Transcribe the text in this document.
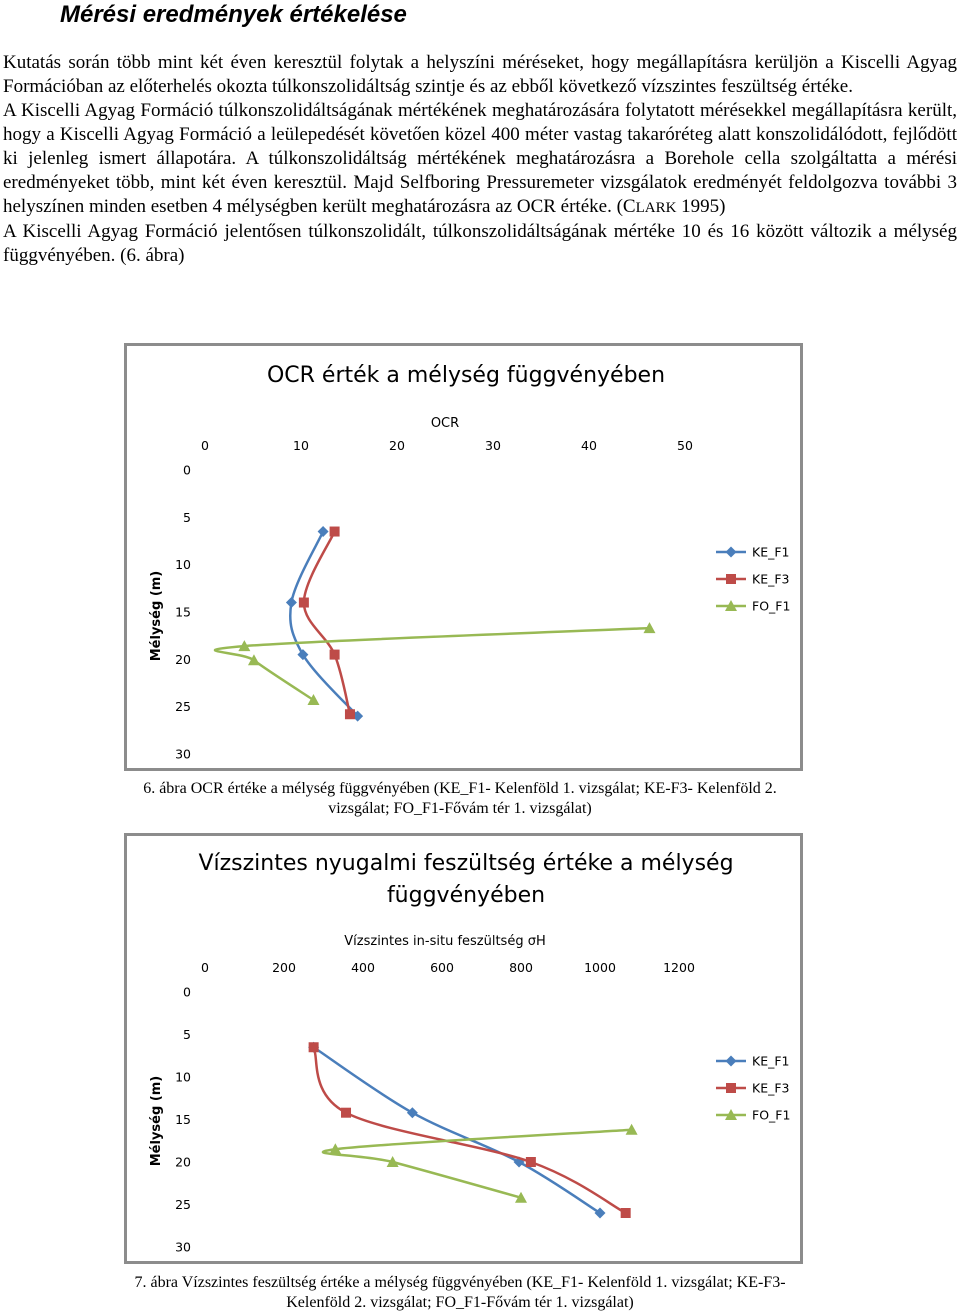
Mérési eredmények értékelése

Kutatás során több mint két éven keresztül folytak a helyszíni méréseket, hogy megállapításra kerüljön a Kiscelli Agyag Formációban az előterhelés okozta túlkonszolidáltság szintje és az ebből következő vízszintes feszültség értéke.

A Kiscelli Agyag Formáció túlkonszolidáltságának mértékének meghatározására folytatott mérésekkel megállapításra került, hogy a Kiscelli Agyag Formáció a leülepedését követően közel 400 méter vastag takaróréteg alatt konszolidálódott, fejlődött ki jelenleg ismert állapotára. A túlkonszolidáltság mértékének meghatározásra a Borehole cella szolgáltatta a mérési eredményeket több, mint két éven keresztül. Majd Selfboring Pressuremeter vizsgálatok eredményét feldolgozva további 3 helyszínen minden esetben 4 mélységben került meghatározásra az OCR értéke. (CLARK 1995)

A Kiscelli Agyag Formáció jelentősen túlkonszolidált, túlkonszolidáltságának mértéke 10 és 16 között változik a mélység függvényében. (6. ábra)

OCR érték a mélység függvényében
OCR
Mélység (m)
0	10	20	30	40	50
0
5
10
15
20
25
30
KE_F1
KE_F3
FO_F1
6. ábra OCR értéke a mélység függvényében (KE_F1- Kelenföld 1. vizsgálat; KE-F3- Kelenföld 2. vizsgálat; FO_F1-Fővám tér 1. vizsgálat)
Vízszintes nyugalmi feszültség értéke a mélység
függvényében
Vízszintes in-situ feszültség σH
Mélység (m)
0	200	400	600	800	1000	1200
0
5
10
15
20
25
30
KE_F1
KE_F3
FO_F1
7. ábra Vízszintes feszültség értéke a mélység függvényében (KE_F1- Kelenföld 1. vizsgálat; KE-F3- Kelenföld 2. vizsgálat; FO_F1-Fővám tér 1. vizsgálat)
